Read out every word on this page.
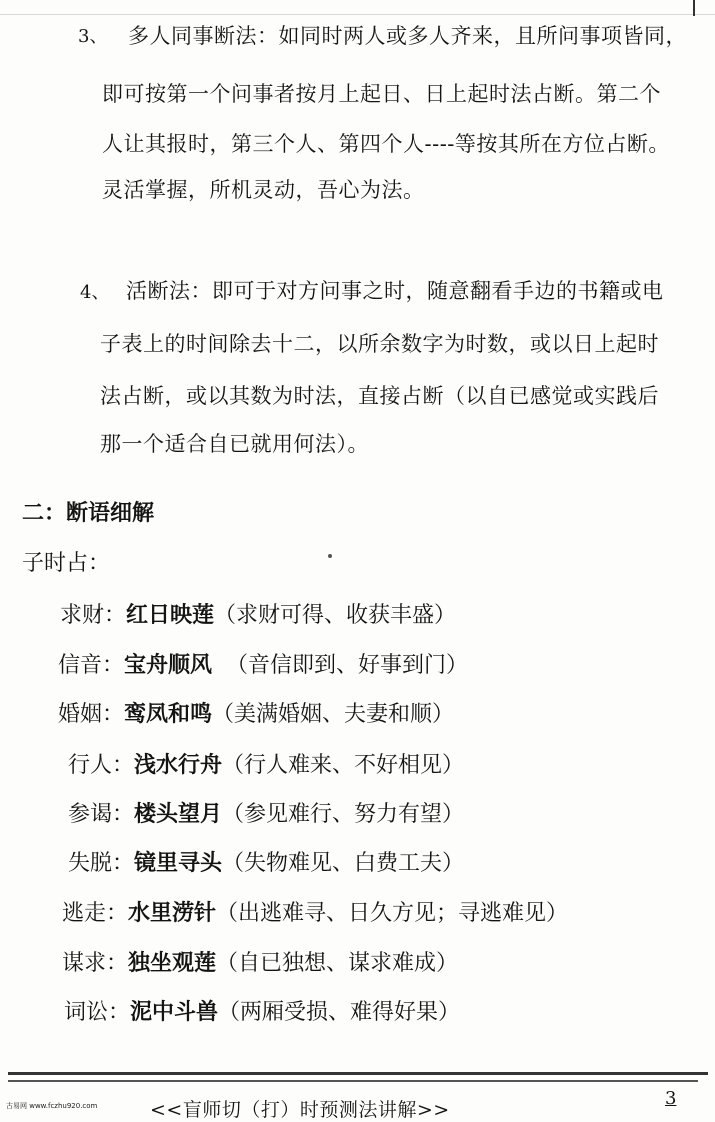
3、 多人同事断法：如同时两人或多人齐来，且所问事项皆同，
即可按第一个问事者按月上起日、日上起时法占断。第二个
人让其报时，第三个人、第四个人----等按其所在方位占断。
灵活掌握，所机灵动，吾心为法。
4、 活断法：即可于对方问事之时，随意翻看手边的书籍或电
子表上的时间除去十二，以所余数字为时数，或以日上起时
法占断，或以其数为时法，直接占断（以自已感觉或实践后
那一个适合自已就用何法）。
二：断语细解
子时占：
求财：红日映莲（求财可得、收获丰盛）
信音：宝舟顺风 （音信即到、好事到门）
婚姻：鸾凤和鸣（美满婚姻、夫妻和顺）
行人：浅水行舟（行人难来、不好相见）
参谒：楼头望月（参见难行、努力有望）
失脱：镜里寻头（失物难见、白费工夫）
逃走：水里涝针（出逃难寻、日久方见；寻逃难见）
谋求：独坐观莲（自已独想、谋求难成）
词讼：泥中斗兽（两厢受损、难得好果）
古易网 www.fczhu920.com	<<盲师切（打）时预测法讲解>>
3
